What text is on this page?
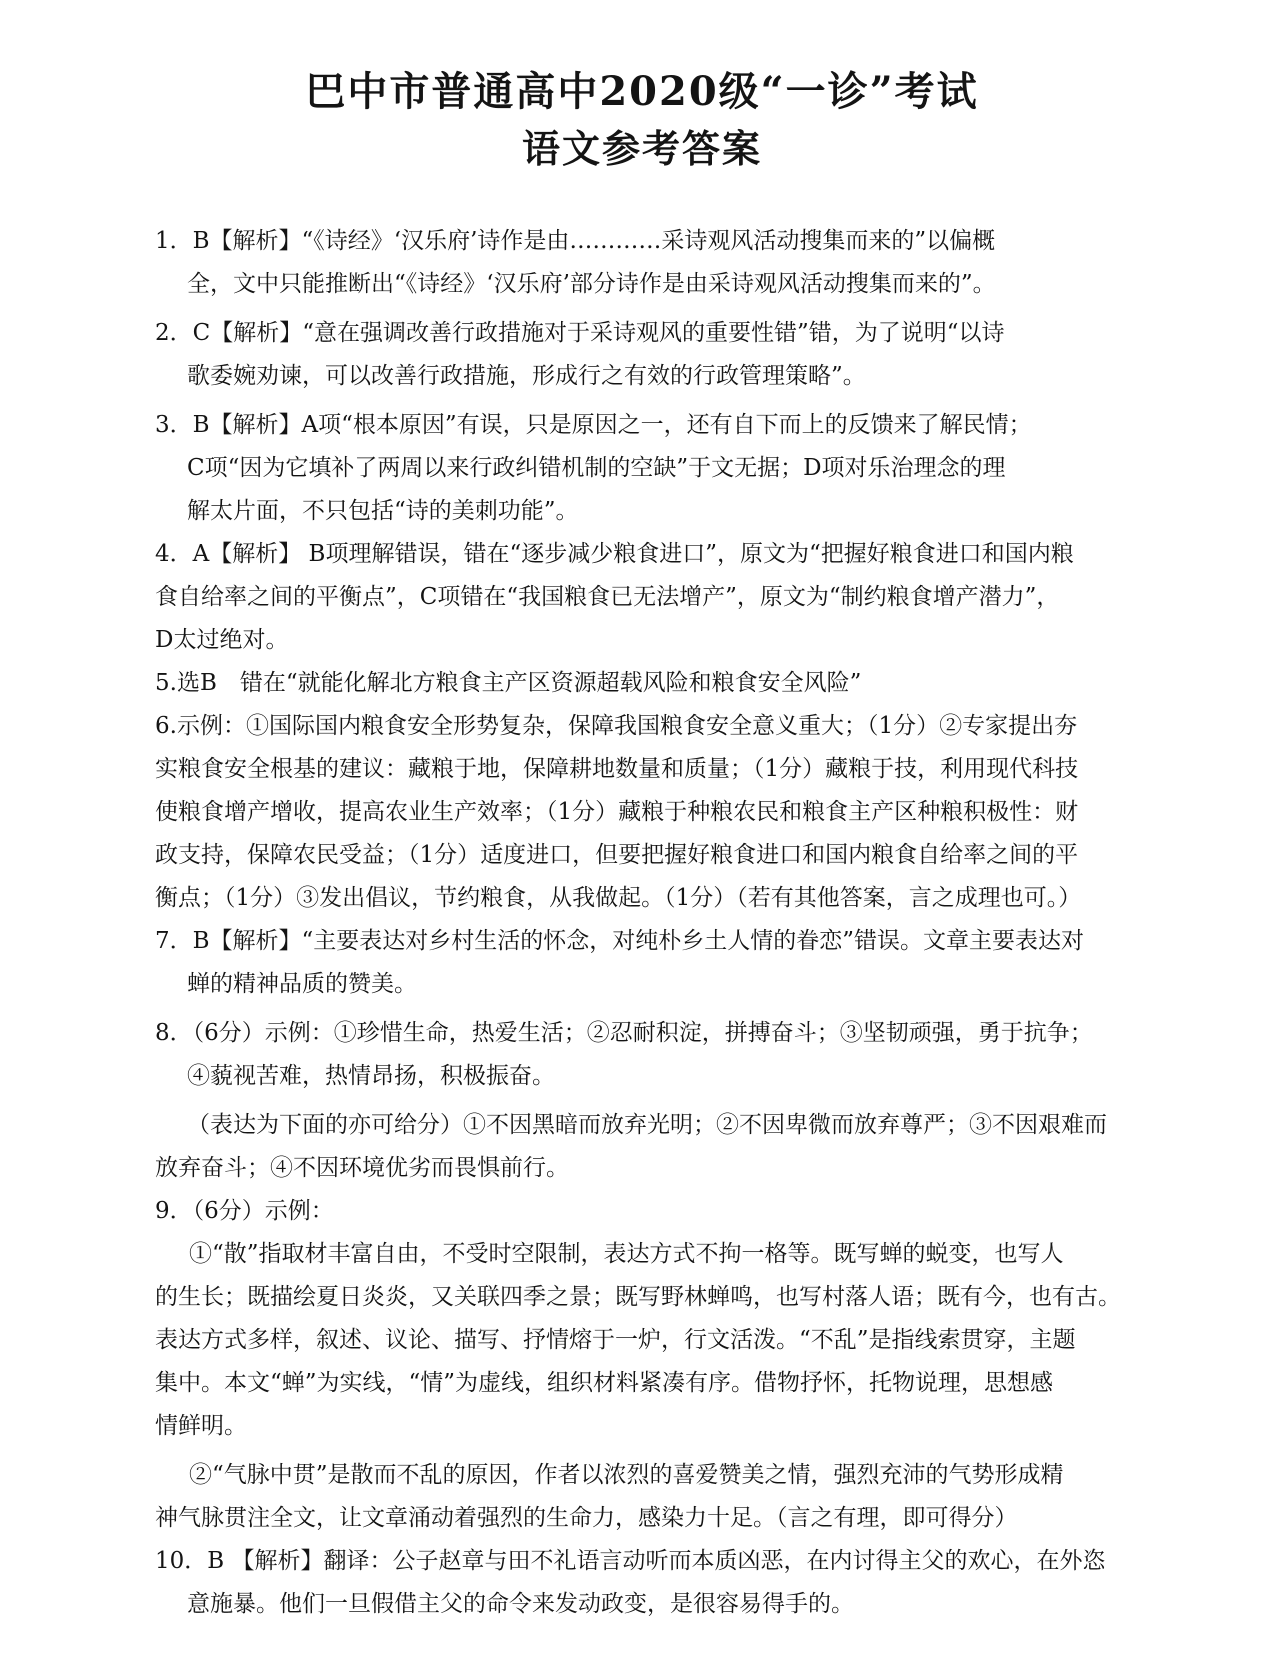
巴中市普通高中2020级“一诊”考试
语文参考答案

1．B【解析】“《诗经》‘汉乐府’诗作是由…………采诗观风活动搜集而来的”以偏概

全，文中只能推断出“《诗经》‘汉乐府’部分诗作是由采诗观风活动搜集而来的”。

2．C【解析】“意在强调改善行政措施对于采诗观风的重要性错”错，为了说明“以诗

歌委婉劝谏，可以改善行政措施，形成行之有效的行政管理策略”。

3．B【解析】A项“根本原因”有误，只是原因之一，还有自下而上的反馈来了解民情；

C项“因为它填补了两周以来行政纠错机制的空缺”于文无据；D项对乐治理念的理

解太片面，不只包括“诗的美刺功能”。

4．A【解析】 B项理解错误，错在“逐步减少粮食进口”，原文为“把握好粮食进口和国内粮

食自给率之间的平衡点”，C项错在“我国粮食已无法增产”，原文为“制约粮食增产潜力”，

D太过绝对。

5.选B　错在“就能化解北方粮食主产区资源超载风险和粮食安全风险”

6.示例：①国际国内粮食安全形势复杂，保障我国粮食安全意义重大；（1分）②专家提出夯

实粮食安全根基的建议：藏粮于地，保障耕地数量和质量；（1分）藏粮于技，利用现代科技

使粮食增产增收，提高农业生产效率；（1分）藏粮于种粮农民和粮食主产区种粮积极性：财

政支持，保障农民受益；（1分）适度进口，但要把握好粮食进口和国内粮食自给率之间的平

衡点；（1分）③发出倡议，节约粮食，从我做起。（1分）（若有其他答案，言之成理也可。）

7．B【解析】“主要表达对乡村生活的怀念，对纯朴乡土人情的眷恋”错误。文章主要表达对

蝉的精神品质的赞美。

8．（6分）示例：①珍惜生命，热爱生活；②忍耐积淀，拼搏奋斗；③坚韧顽强，勇于抗争；

④藐视苦难，热情昂扬，积极振奋。

（表达为下面的亦可给分）①不因黑暗而放弃光明；②不因卑微而放弃尊严；③不因艰难而

放弃奋斗；④不因环境优劣而畏惧前行。

9．（6分）示例：

①“散”指取材丰富自由，不受时空限制，表达方式不拘一格等。既写蝉的蜕变，也写人

的生长；既描绘夏日炎炎，又关联四季之景；既写野林蝉鸣，也写村落人语；既有今，也有古。

表达方式多样，叙述、议论、描写、抒情熔于一炉，行文活泼。“不乱”是指线索贯穿，主题

集中。本文“蝉”为实线，“情”为虚线，组织材料紧凑有序。借物抒怀，托物说理，思想感

情鲜明。

②“气脉中贯”是散而不乱的原因，作者以浓烈的喜爱赞美之情，强烈充沛的气势形成精

神气脉贯注全文，让文章涌动着强烈的生命力，感染力十足。（言之有理，即可得分）

10．B 【解析】翻译：公子赵章与田不礼语言动听而本质凶恶，在内讨得主父的欢心，在外恣

意施暴。他们一旦假借主父的命令来发动政变，是很容易得手的。
